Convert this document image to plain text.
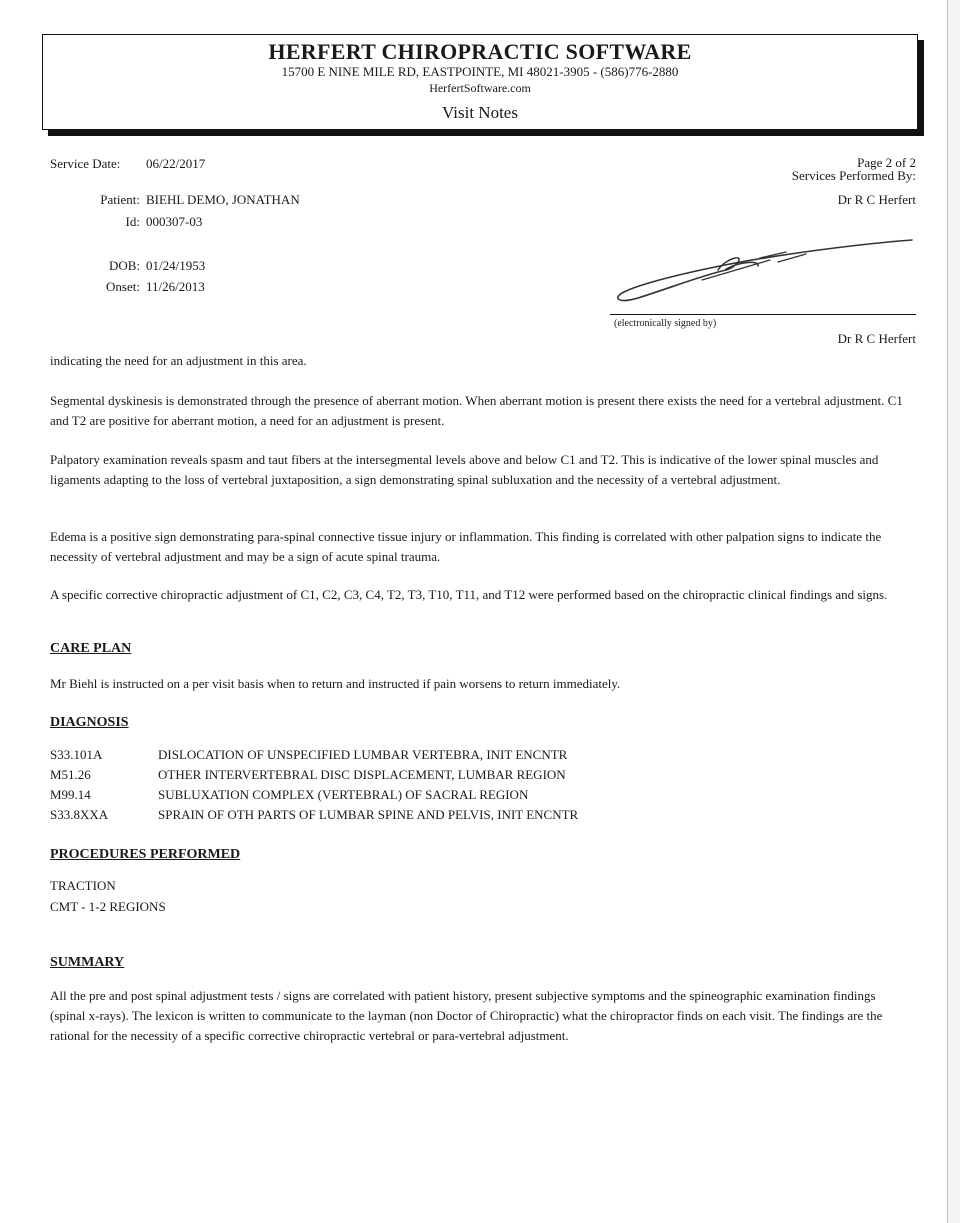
HERFERT CHIROPRACTIC SOFTWARE
15700 E NINE MILE RD, EASTPOINTE, MI 48021-3905 - (586)776-2880
HerfertSoftware.com
Visit Notes
Service Date: 06/22/2017
Patient: BIEHL DEMO, JONATHAN
Id: 000307-03
DOB: 01/24/1953
Onset: 11/26/2013
Page 2 of 2
Services Performed By:
Dr R C Herfert
(electronically signed by)
Dr R C Herfert

indicating the need for an adjustment in this area.

Segmental dyskinesis is demonstrated through the presence of aberrant motion. When aberrant motion is present there exists the need for a vertebral adjustment. C1 and T2 are positive for aberrant motion, a need for an adjustment is present.

Palpatory examination reveals spasm and taut fibers at the intersegmental levels above and below C1 and T2. This is indicative of the lower spinal muscles and ligaments adapting to the loss of vertebral juxtaposition, a sign demonstrating spinal subluxation and the necessity of a vertebral adjustment.

Edema is a positive sign demonstrating para-spinal connective tissue injury or inflammation. This finding is correlated with other palpation signs to indicate the necessity of vertebral adjustment and may be a sign of acute spinal trauma.

A specific corrective chiropractic adjustment of C1, C2, C3, C4, T2, T3, T10, T11, and T12 were performed based on the chiropractic clinical findings and signs.

CARE PLAN

Mr Biehl is instructed on a per visit basis when to return and instructed if pain worsens to return immediately.

DIAGNOSIS
S33.101A	DISLOCATION OF UNSPECIFIED LUMBAR VERTEBRA, INIT ENCNTR
M51.26	OTHER INTERVERTEBRAL DISC DISPLACEMENT, LUMBAR REGION
M99.14	SUBLUXATION COMPLEX (VERTEBRAL) OF SACRAL REGION
S33.8XXA	SPRAIN OF OTH PARTS OF LUMBAR SPINE AND PELVIS, INIT ENCNTR
PROCEDURES PERFORMED
TRACTION
CMT - 1-2 REGIONS
SUMMARY

All the pre and post spinal adjustment tests / signs are correlated with patient history, present subjective symptoms and the spineographic examination findings (spinal x-rays). The lexicon is written to communicate to the layman (non Doctor of Chiropractic) what the chiropractor finds on each visit. The findings are the rational for the necessity of a specific corrective chiropractic vertebral or para-vertebral adjustment.
